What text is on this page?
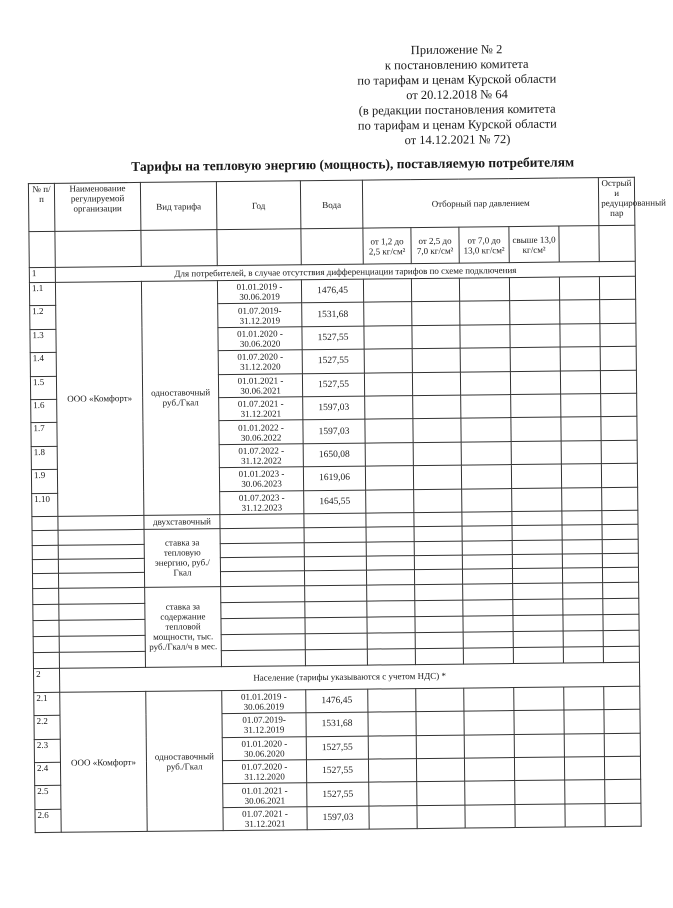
Приложение № 2
к постановлению комитета
по тарифам и ценам Курской области
от 20.12.2018 № 64
(в редакции постановления комитета
по тарифам и ценам Курской области
от 14.12.2021 № 72)
Тарифы на тепловую энергию (мощность), поставляемую потребителям
№ п/п	Наименование регулируемой организации	Вид тарифа	Год	Вода	Отборный пар давлением					Острый и редуцированный пар
					от 1,2 до 2,5 кг/см²	от 2,5 до 7,0 кг/см²	от 7,0 до 13,0 кг/см²	свыше 13,0 кг/см²		
1	Для потребителей, в случае отсутствия дифференциации тарифов по схеме подключения									
1.1	ООО «Комфорт»	одноставочный руб./Гкал	01.01.2019 - 30.06.2019	1476,45						
1.2			01.07.2019- 31.12.2019	1531,68						
1.3			01.01.2020 - 30.06.2020	1527,55						
1.4			01.07.2020 - 31.12.2020	1527,55						
1.5			01.01.2021 - 30.06.2021	1527,55						
1.6			01.07.2021 - 31.12.2021	1597,03						
1.7			01.01.2022 - 30.06.2022	1597,03						
1.8			01.07.2022 - 31.12.2022	1650,08						
1.9			01.01.2023 - 30.06.2023	1619,06						
1.10			01.07.2023 - 31.12.2023	1645,55						
		двухставочный								
		ставка за тепловую энергию, руб./Гкал								

		ставка за содержание тепловой мощности, тыс. руб./Гкал/ч в мес.								

2	Население (тарифы указываются с учетом НДС) *									
2.1	ООО «Комфорт»	одноставочный руб./Гкал	01.01.2019 - 30.06.2019	1476,45						
2.2			01.07.2019- 31.12.2019	1531,68						
2.3			01.01.2020 - 30.06.2020	1527,55						
2.4			01.07.2020 - 31.12.2020	1527,55						
2.5			01.01.2021 - 30.06.2021	1527,55						
2.6			01.07.2021 - 31.12.2021	1597,03						
